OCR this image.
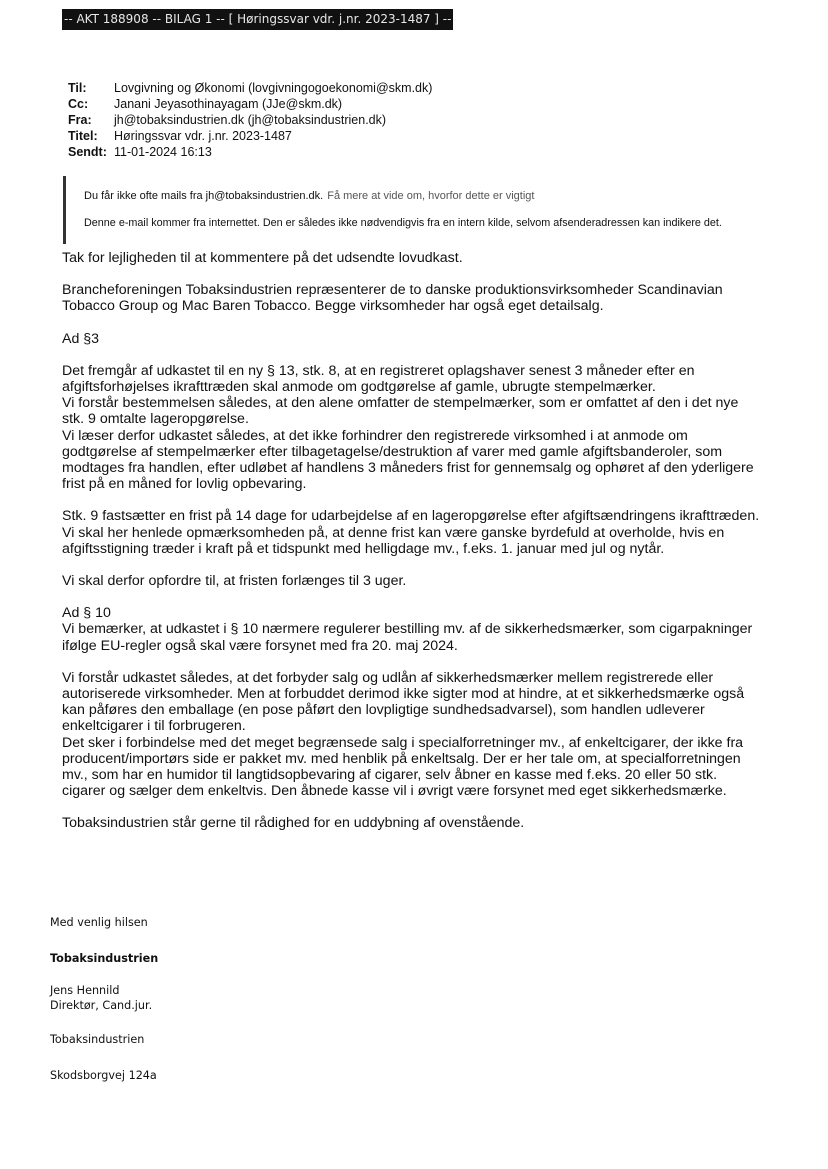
-- AKT 188908 -- BILAG 1 -- [ Høringssvar vdr. j.nr. 2023-1487 ] --
Til: Lovgivning og Økonomi (lovgivningogoekonomi@skm.dk)
Cc: Janani Jeyasothinayagam (JJe@skm.dk)
Fra: jh@tobaksindustrien.dk (jh@tobaksindustrien.dk)
Titel: Høringssvar vdr. j.nr. 2023-1487
Sendt: 11-01-2024 16:13
Du får ikke ofte mails fra jh@tobaksindustrien.dk. Få mere at vide om, hvorfor dette er vigtigt
Denne e-mail kommer fra internettet. Den er således ikke nødvendigvis fra en intern kilde, selvom afsenderadressen kan indikere det.

Tak for lejligheden til at kommentere på det udsendte lovudkast.

Brancheforeningen Tobaksindustrien repræsenterer de to danske produktionsvirksomheder Scandinavian Tobacco Group og Mac Baren Tobacco. Begge virksomheder har også eget detailsalg.

Ad §3

Det fremgår af udkastet til en ny § 13, stk. 8, at en registreret oplagshaver senest 3 måneder efter en afgiftsforhøjelses ikrafttræden skal anmode om godtgørelse af gamle, ubrugte stempelmærker.
Vi forstår bestemmelsen således, at den alene omfatter de stempelmærker, som er omfattet af den i det nye stk. 9 omtalte lageropgørelse.
Vi læser derfor udkastet således, at det ikke forhindrer den registrerede virksomhed i at anmode om godtgørelse af stempelmærker efter tilbagetagelse/destruktion af varer med gamle afgiftsbanderoler, som modtages fra handlen, efter udløbet af handlens 3 måneders frist for gennemsalg og ophøret af den yderligere frist på en måned for lovlig opbevaring.

Stk. 9 fastsætter en frist på 14 dage for udarbejdelse af en lageropgørelse efter afgiftsændringens ikrafttræden. Vi skal her henlede opmærksomheden på, at denne frist kan være ganske byrdefuld at overholde, hvis en afgiftsstigning træder i kraft på et tidspunkt med helligdage mv., f.eks. 1. januar med jul og nytår.

Vi skal derfor opfordre til, at fristen forlænges til 3 uger.

Ad § 10
Vi bemærker, at udkastet i § 10 nærmere regulerer bestilling mv. af de sikkerhedsmærker, som cigarpakninger ifølge EU-regler også skal være forsynet med fra 20. maj 2024.

Vi forstår udkastet således, at det forbyder salg og udlån af sikkerhedsmærker mellem registrerede eller autoriserede virksomheder. Men at forbuddet derimod ikke sigter mod at hindre, at et sikkerhedsmærke også kan påføres den emballage (en pose påført den lovpligtige sundhedsadvarsel), som handlen udleverer enkeltcigarer i til forbrugeren.
Det sker i forbindelse med det meget begrænsede salg i specialforretninger mv., af enkeltcigarer, der ikke fra producent/importørs side er pakket mv. med henblik på enkeltsalg. Der er her tale om, at specialforretningen mv., som har en humidor til langtidsopbevaring af cigarer, selv åbner en kasse med f.eks. 20 eller 50 stk. cigarer og sælger dem enkeltvis. Den åbnede kasse vil i øvrigt være forsynet med eget sikkerhedsmærke.

Tobaksindustrien står gerne til rådighed for en uddybning af ovenstående.

Med venlig hilsen
Tobaksindustrien
Jens Hennild
Direktør, Cand.jur.
Tobaksindustrien
Skodsborgvej 124a
